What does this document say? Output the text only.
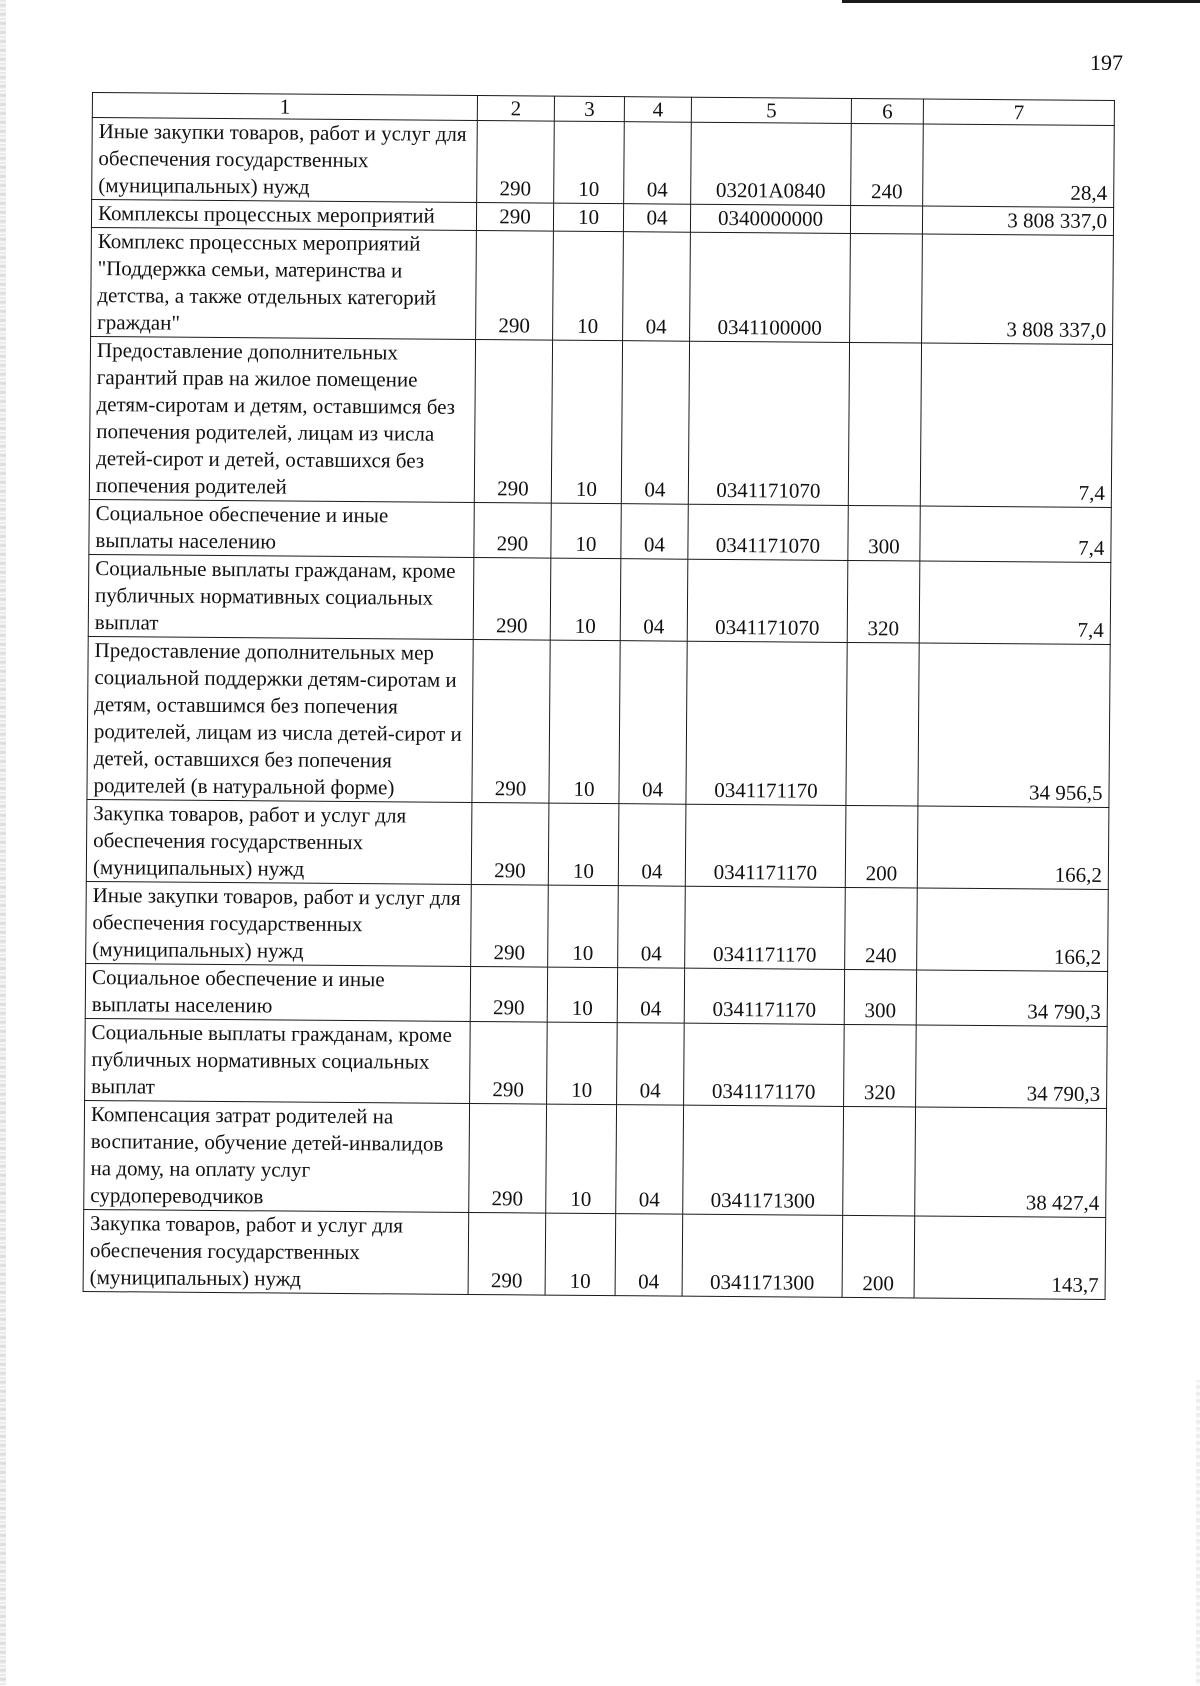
197
1	2	3	4	5	6	7
Иные закупки товаров, работ и услуг для обеспечения государственных (муниципальных) нужд	290	10	04	03201A0840	240	28,4
Комплексы процессных мероприятий	290	10	04	0340000000		3 808 337,0
Комплекс процессных мероприятий "Поддержка семьи, материнства и детства, а также отдельных категорий граждан"	290	10	04	0341100000		3 808 337,0
Предоставление дополнительных гарантий прав на жилое помещение детям-сиротам и детям, оставшимся без попечения родителей, лицам из числа детей-сирот и детей, оставшихся без попечения родителей	290	10	04	0341171070		7,4
Социальное обеспечение и иные выплаты населению	290	10	04	0341171070	300	7,4
Социальные выплаты гражданам, кроме публичных нормативных социальных выплат	290	10	04	0341171070	320	7,4
Предоставление дополнительных мер социальной поддержки детям-сиротам и детям, оставшимся без попечения родителей, лицам из числа детей-сирот и детей, оставшихся без попечения родителей (в натуральной форме)	290	10	04	0341171170		34 956,5
Закупка товаров, работ и услуг для обеспечения государственных (муниципальных) нужд	290	10	04	0341171170	200	166,2
Иные закупки товаров, работ и услуг для обеспечения государственных (муниципальных) нужд	290	10	04	0341171170	240	166,2
Социальное обеспечение и иные выплаты населению	290	10	04	0341171170	300	34 790,3
Социальные выплаты гражданам, кроме публичных нормативных социальных выплат	290	10	04	0341171170	320	34 790,3
Компенсация затрат родителей на воспитание, обучение детей-инвалидов на дому, на оплату услуг сурдопереводчиков	290	10	04	0341171300		38 427,4
Закупка товаров, работ и услуг для обеспечения государственных (муниципальных) нужд	290	10	04	0341171300	200	143,7
